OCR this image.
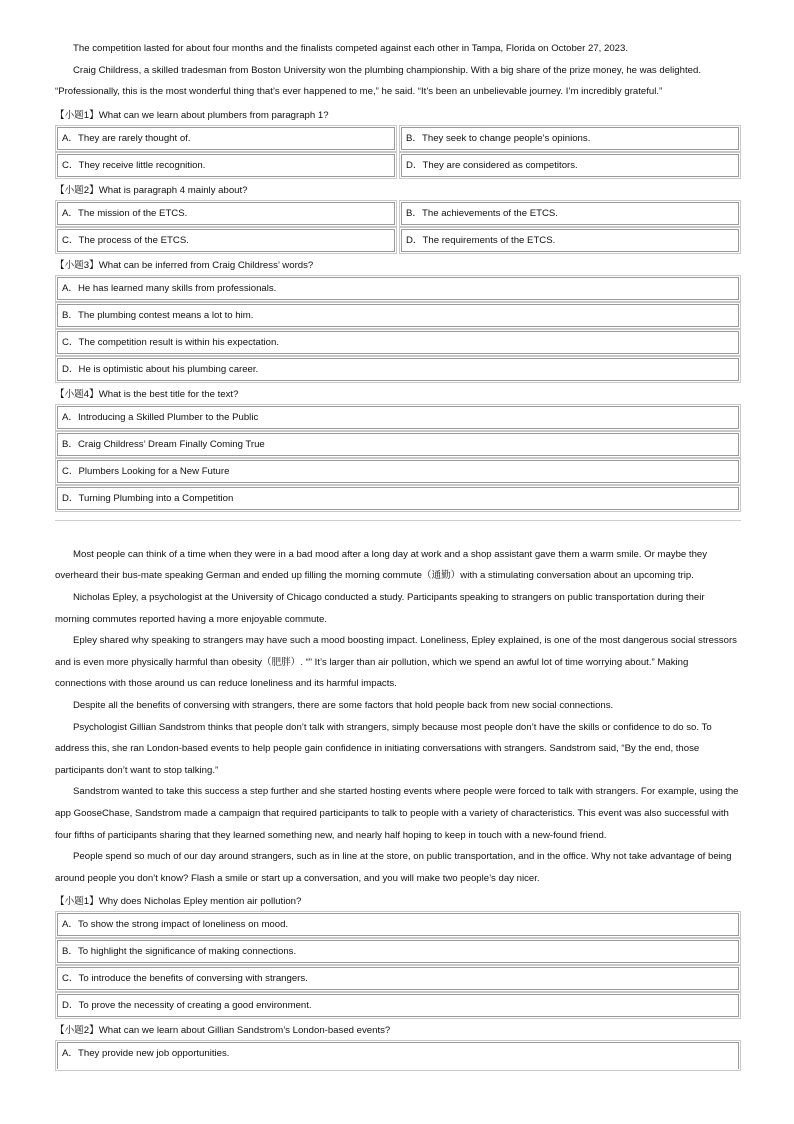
The competition lasted for about four months and the finalists competed against each other in Tampa, Florida on October 27, 2023.

Craig Childress, a skilled tradesman from Boston University won the plumbing championship. With a big share of the prize money, he was delighted. “Professionally, this is the most wonderful thing that’s ever happened to me,” he said. “It’s been an unbelievable journey. I’m incredibly grateful.”

【小题1】What can we learn about plumbers from paragraph 1?

A．They are rarely thought of.	B．They seek to change people’s opinions.
C．They receive little recognition.	D．They are considered as competitors.

【小题2】What is paragraph 4 mainly about?

A．The mission of the ETCS.	B．The achievements of the ETCS.
C．The process of the ETCS.	D．The requirements of the ETCS.

【小题3】What can be inferred from Craig Childress’ words?

A．He has learned many skills from professionals.
B．The plumbing contest means a lot to him.
C．The competition result is within his expectation.
D．He is optimistic about his plumbing career.

【小题4】What is the best title for the text?

A．Introducing a Skilled Plumber to the Public
B．Craig Childress’ Dream Finally Coming True
C．Plumbers Looking for a New Future
D．Turning Plumbing into a Competition

Most people can think of a time when they were in a bad mood after a long day at work and a shop assistant gave them a warm smile. Or maybe they overheard their bus-mate speaking German and ended up filling the morning commute（通勤）with a stimulating conversation about an upcoming trip.

Nicholas Epley, a psychologist at the University of Chicago conducted a study. Participants speaking to strangers on public transportation during their morning commutes reported having a more enjoyable commute.

Epley shared why speaking to strangers may have such a mood boosting impact. Loneliness, Epley explained, is one of the most dangerous social stressors and is even more physically harmful than obesity（肥胖）. “” It’s larger than air pollution, which we spend an awful lot of time worrying about.” Making connections with those around us can reduce loneliness and its harmful impacts.

Despite all the benefits of conversing with strangers, there are some factors that hold people back from new social connections.

Psychologist Gillian Sandstrom thinks that people don’t talk with strangers, simply because most people don’t have the skills or confidence to do so. To address this, she ran London-based events to help people gain confidence in initiating conversations with strangers. Sandstrom said, “By the end, those participants don’t want to stop talking.”

Sandstrom wanted to take this success a step further and she started hosting events where people were forced to talk with strangers. For example, using the app GooseChase, Sandstrom made a campaign that required participants to talk to people with a variety of characteristics. This event was also successful with four fifths of participants sharing that they learned something new, and nearly half hoping to keep in touch with a new-found friend.

People spend so much of our day around strangers, such as in line at the store, on public transportation, and in the office. Why not take advantage of being around people you don’t know? Flash a smile or start up a conversation, and you will make two people’s day nicer.

【小题1】Why does Nicholas Epley mention air pollution?

A．To show the strong impact of loneliness on mood.
B．To highlight the significance of making connections.
C．To introduce the benefits of conversing with strangers.
D．To prove the necessity of creating a good environment.

【小题2】What can we learn about Gillian Sandstrom’s London-based events?

A．They provide new job opportunities.
